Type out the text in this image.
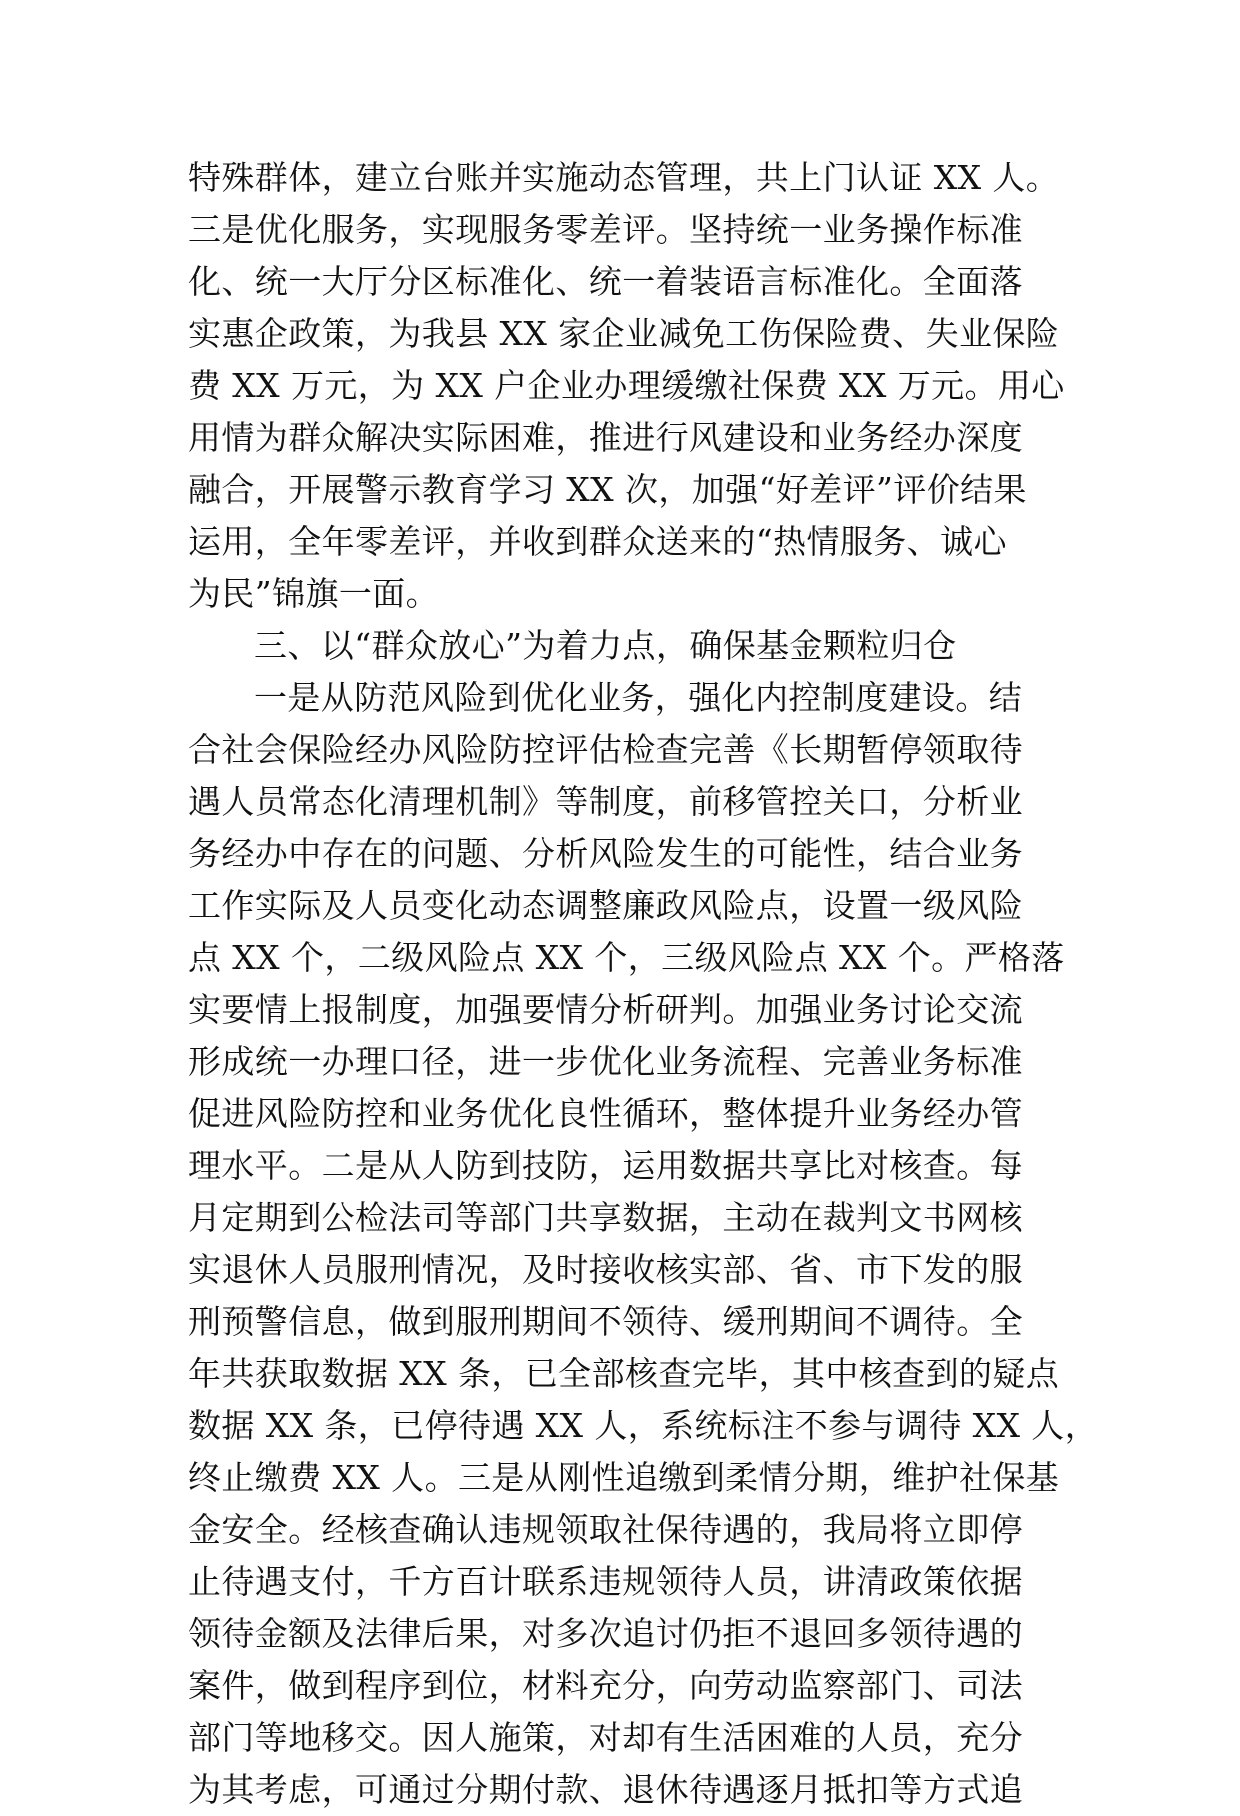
特殊群体，建立台账并实施动态管理，共上门认证 XX 人。
三是优化服务，实现服务零差评。坚持统一业务操作标准
化、统一大厅分区标准化、统一着装语言标准化。全面落
实惠企政策，为我县 XX 家企业减免工伤保险费、失业保险
费 XX 万元，为 XX 户企业办理缓缴社保费 XX 万元。用心
用情为群众解决实际困难，推进行风建设和业务经办深度
融合，开展警示教育学习 XX 次，加强“好差评”评价结果
运用，全年零差评，并收到群众送来的“热情服务、诚心
为民”锦旗一面。
三、以“群众放心”为着力点，确保基金颗粒归仓
一是从防范风险到优化业务，强化内控制度建设。结
合社会保险经办风险防控评估检查完善《长期暂停领取待
遇人员常态化清理机制》等制度，前移管控关口，分析业
务经办中存在的问题、分析风险发生的可能性，结合业务
工作实际及人员变化动态调整廉政风险点，设置一级风险
点 XX 个，二级风险点 XX 个，三级风险点 XX 个。严格落
实要情上报制度，加强要情分析研判。加强业务讨论交流
形成统一办理口径，进一步优化业务流程、完善业务标准
促进风险防控和业务优化良性循环，整体提升业务经办管
理水平。二是从人防到技防，运用数据共享比对核查。每
月定期到公检法司等部门共享数据，主动在裁判文书网核
实退休人员服刑情况，及时接收核实部、省、市下发的服
刑预警信息，做到服刑期间不领待、缓刑期间不调待。全
年共获取数据 XX 条，已全部核查完毕，其中核查到的疑点
数据 XX 条，已停待遇 XX 人，系统标注不参与调待 XX 人，
终止缴费 XX 人。三是从刚性追缴到柔情分期，维护社保基
金安全。经核查确认违规领取社保待遇的，我局将立即停
止待遇支付，千方百计联系违规领待人员，讲清政策依据
领待金额及法律后果，对多次追讨仍拒不退回多领待遇的
案件，做到程序到位，材料充分，向劳动监察部门、司法
部门等地移交。因人施策，对却有生活困难的人员，充分
为其考虑，可通过分期付款、退休待遇逐月抵扣等方式追
